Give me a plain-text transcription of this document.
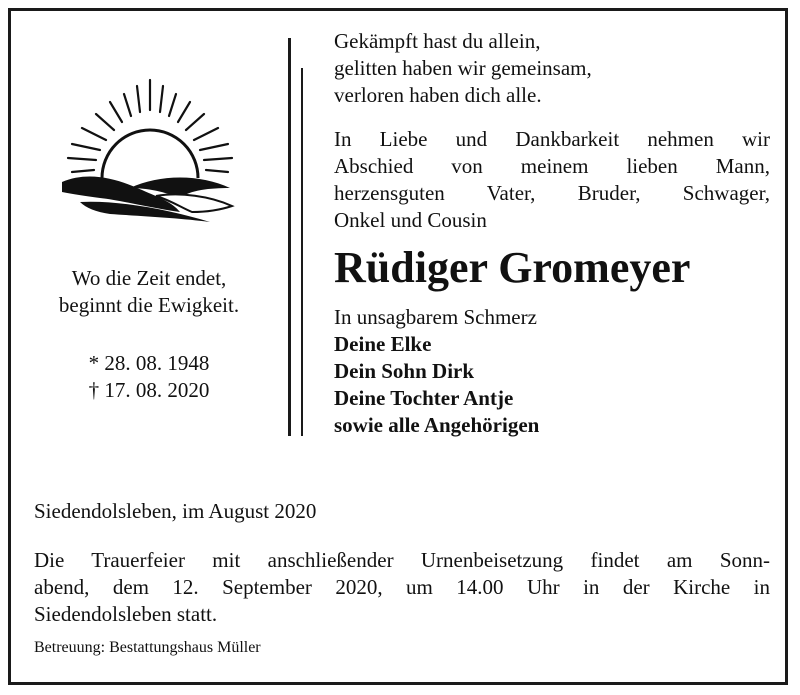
Wo die Zeit endet,
beginnt die Ewigkeit.
* 28. 08. 1948
† 17. 08. 2020
Gekämpft hast du allein,
gelitten haben wir gemeinsam,
verloren haben dich alle.
In Liebe und Dankbarkeit nehmen wir
Abschied von meinem lieben Mann,
herzensguten Vater, Bruder, Schwager,
Onkel und Cousin
Rüdiger Gromeyer
In unsagbarem Schmerz
Deine Elke
Dein Sohn Dirk
Deine Tochter Antje
sowie alle Angehörigen
Siedendolsleben, im August 2020
Die Trauerfeier mit anschließender Urnenbeisetzung findet am Sonn-
abend, dem 12. September 2020, um 14.00 Uhr in der Kirche in
Siedendolsleben statt.
Betreuung: Bestattungshaus Müller
